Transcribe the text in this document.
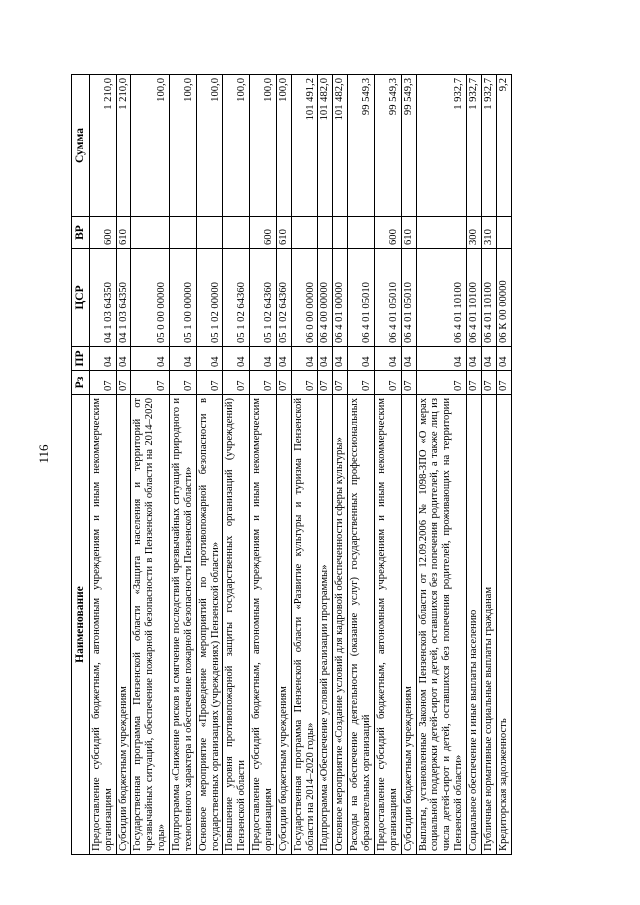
116
Наименование	Рз	ПР	ЦСР	ВР	Сумма
Предоставление субсидий бюджетным, автономным учреждениям и иным некоммерческим организациям	07	04	04 1 03 64350	600	1 210,0
Субсидии бюджетным учреждениям	07	04	04 1 03 64350	610	1 210,0
Государственная программа Пензенской области «Защита населения и территорий от чрезвычайных ситуаций, обеспечение пожарной безопасности в Пензенской области на 2014–2020 годы»	07	04	05 0 00 00000		100,0
Подпрограмма «Снижение рисков и смягчение последствий чрезвычайных ситуаций природного и техногенного характера и обеспечение пожарной безопасности Пензенской области»	07	04	05 1 00 00000		100,0
Основное мероприятие «Проведение мероприятий по противопожарной безопасности в государственных организациях (учреждениях) Пензенской области»	07	04	05 1 02 00000		100,0
Повышение уровня противопожарной защиты государственных организаций (учреждений) Пензенской области	07	04	05 1 02 64360		100,0
Предоставление субсидий бюджетным, автономным учреждениям и иным некоммерческим организациям	07	04	05 1 02 64360	600	100,0
Субсидии бюджетным учреждениям	07	04	05 1 02 64360	610	100,0
Государственная программа Пензенской области «Развитие культуры и туризма Пензенской области на 2014–2020 годы»	07	04	06 0 00 00000		101 491,2
Подпрограмма «Обеспечение условий реализации программы»	07	04	06 4 00 00000		101 482,0
Основное мероприятие «Создание условий для кадровой обеспеченности сферы культуры»	07	04	06 4 01 00000		101 482,0
Расходы на обеспечение деятельности (оказание услуг) государственных профессиональных образовательных организаций	07	04	06 4 01 05010		99 549,3
Предоставление субсидий бюджетным, автономным учреждениям и иным некоммерческим организациям	07	04	06 4 01 05010	600	99 549,3
Субсидии бюджетным учреждениям	07	04	06 4 01 05010	610	99 549,3
Выплаты, установленные Законом Пензенской области от 12.09.2006 № 1098-ЗПО «О мерах социальной поддержки детей-сирот и детей, оставшихся без попечения родителей, а также лиц из числа детей-сирот и детей, оставшихся без попечения родителей, проживающих на территории Пензенской области»	07	04	06 4 01 10100		1 932,7
Социальное обеспечение и иные выплаты населению	07	04	06 4 01 10100	300	1 932,7
Публичные нормативные социальные выплаты гражданам	07	04	06 4 01 10100	310	1 932,7
Кредиторская задолженность	07	04	06 К 00 00000		9,2
